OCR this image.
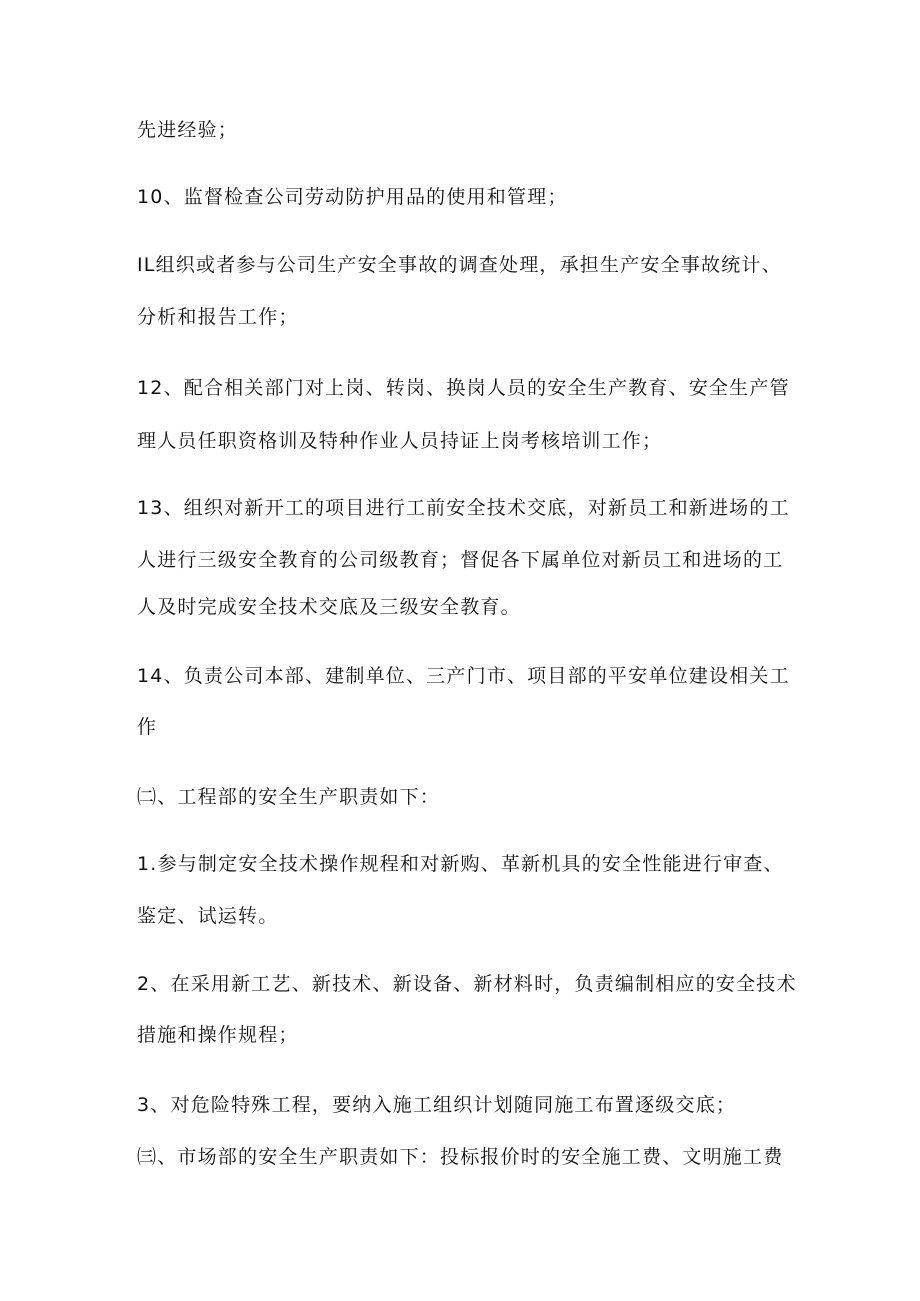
先进经验；
10、监督检查公司劳动防护用品的使用和管理；
IL组织或者参与公司生产安全事故的调查处理，承担生产安全事故统计、
分析和报告工作；
12、配合相关部门对上岗、转岗、换岗人员的安全生产教育、安全生产管
理人员任职资格训及特种作业人员持证上岗考核培训工作；
13、组织对新开工的项目进行工前安全技术交底，对新员工和新进场的工
人进行三级安全教育的公司级教育；督促各下属单位对新员工和进场的工
人及时完成安全技术交底及三级安全教育。
14、负责公司本部、建制单位、三产门市、项目部的平安单位建设相关工
作
㈡、工程部的安全生产职责如下：
1.参与制定安全技术操作规程和对新购、革新机具的安全性能进行审查、
鉴定、试运转。
2、在采用新工艺、新技术、新设备、新材料时，负责编制相应的安全技术
措施和操作规程；
3、对危险特殊工程，要纳入施工组织计划随同施工布置逐级交底；
㈢、市场部的安全生产职责如下：投标报价时的安全施工费、文明施工费
